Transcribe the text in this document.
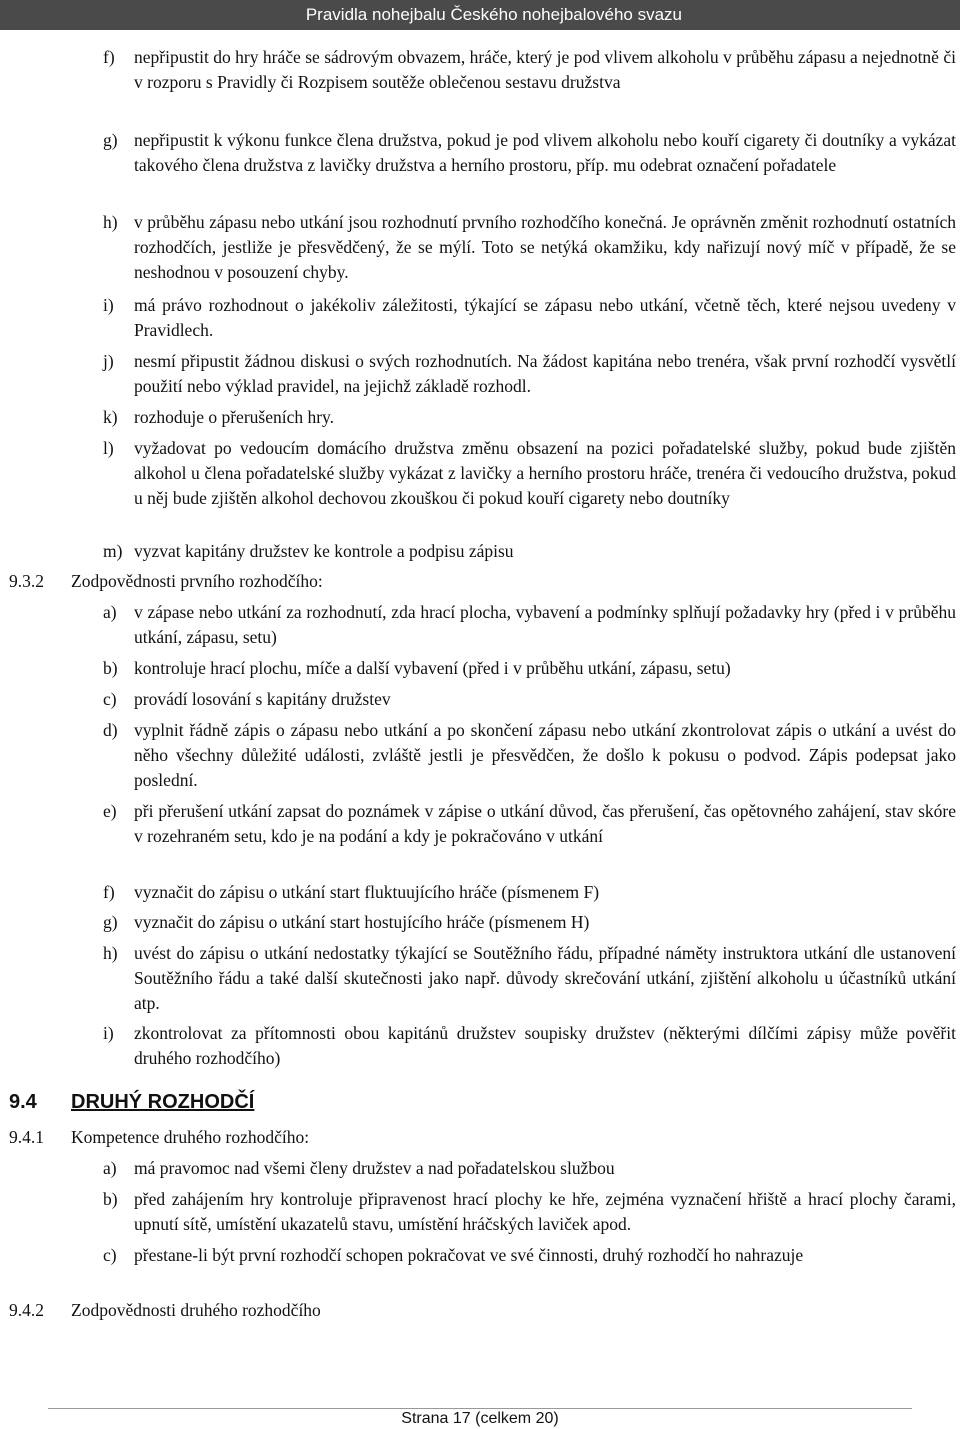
Pravidla nohejbalu Českého nohejbalového svazu
f) nepřipustit do hry hráče se sádrovým obvazem, hráče, který je pod vlivem alkoholu v průběhu zápasu a nejednotně či v rozporu s Pravidly či Rozpisem soutěže oblečenou sestavu družstva
g) nepřipustit k výkonu funkce člena družstva, pokud je pod vlivem alkoholu nebo kouří cigarety či doutníky a vykázat takového člena družstva z lavičky družstva a herního prostoru, příp. mu odebrat označení pořadatele
h) v průběhu zápasu nebo utkání jsou rozhodnutí prvního rozhodčího konečná. Je oprávněn změnit rozhodnutí ostatních rozhodčích, jestliže je přesvědčený, že se mýlí. Toto se netýká okamžiku, kdy nařizují nový míč v případě, že se neshodnou v posouzení chyby.
i) má právo rozhodnout o jakékoliv záležitosti, týkající se zápasu nebo utkání, včetně těch, které nejsou uvedeny v Pravidlech.
j) nesmí připustit žádnou diskusi o svých rozhodnutích. Na žádost kapitána nebo trenéra, však první rozhodčí vysvětlí použití nebo výklad pravidel, na jejichž základě rozhodl.
k) rozhoduje o přerušeních hry.
l) vyžadovat po vedoucím domácího družstva změnu obsazení na pozici pořadatelské služby, pokud bude zjištěn alkohol u člena pořadatelské služby vykázat z lavičky a herního prostoru hráče, trenéra či vedoucího družstva, pokud u něj bude zjištěn alkohol dechovou zkouškou či pokud kouří cigarety nebo doutníky
m) vyzvat kapitány družstev ke kontrole a podpisu zápisu
9.3.2 Zodpovědnosti prvního rozhodčího:
a) v zápase nebo utkání za rozhodnutí, zda hrací plocha, vybavení a podmínky splňují požadavky hry (před i v průběhu utkání, zápasu, setu)
b) kontroluje hrací plochu, míče a další vybavení (před i v průběhu utkání, zápasu, setu)
c) provádí losování s kapitány družstev
d) vyplnit řádně zápis o zápasu nebo utkání a po skončení zápasu nebo utkání zkontrolovat zápis o utkání a uvést do něho všechny důležité události, zvláště jestli je přesvědčen, že došlo k pokusu o podvod. Zápis podepsat jako poslední.
e) při přerušení utkání zapsat do poznámek v zápise o utkání důvod, čas přerušení, čas opětovného zahájení, stav skóre v rozehraném setu, kdo je na podání a kdy je pokračováno v utkání
f) vyznačit do zápisu o utkání start fluktuujícího hráče (písmenem F)
g) vyznačit do zápisu o utkání start hostujícího hráče (písmenem H)
h) uvést do zápisu o utkání nedostatky týkající se Soutěžního řádu, případné náměty instruktora utkání dle ustanovení Soutěžního řádu a také další skutečnosti jako např. důvody skrečování utkání, zjištění alkoholu u účastníků utkání atp.
i) zkontrolovat za přítomnosti obou kapitánů družstev soupisky družstev (některými dílčími zápisy může pověřit druhého rozhodčího)
9.4 DRUHÝ ROZHODČÍ
9.4.1 Kompetence druhého rozhodčího:
a) má pravomoc nad všemi členy družstev a nad pořadatelskou službou
b) před zahájením hry kontroluje připravenost hrací plochy ke hře, zejména vyznačení hřiště a hrací plochy čarami, upnutí sítě, umístění ukazatelů stavu, umístění hráčských laviček apod.
c) přestane-li být první rozhodčí schopen pokračovat ve své činnosti, druhý rozhodčí ho nahrazuje
9.4.2 Zodpovědnosti druhého rozhodčího
Strana 17 (celkem 20)
